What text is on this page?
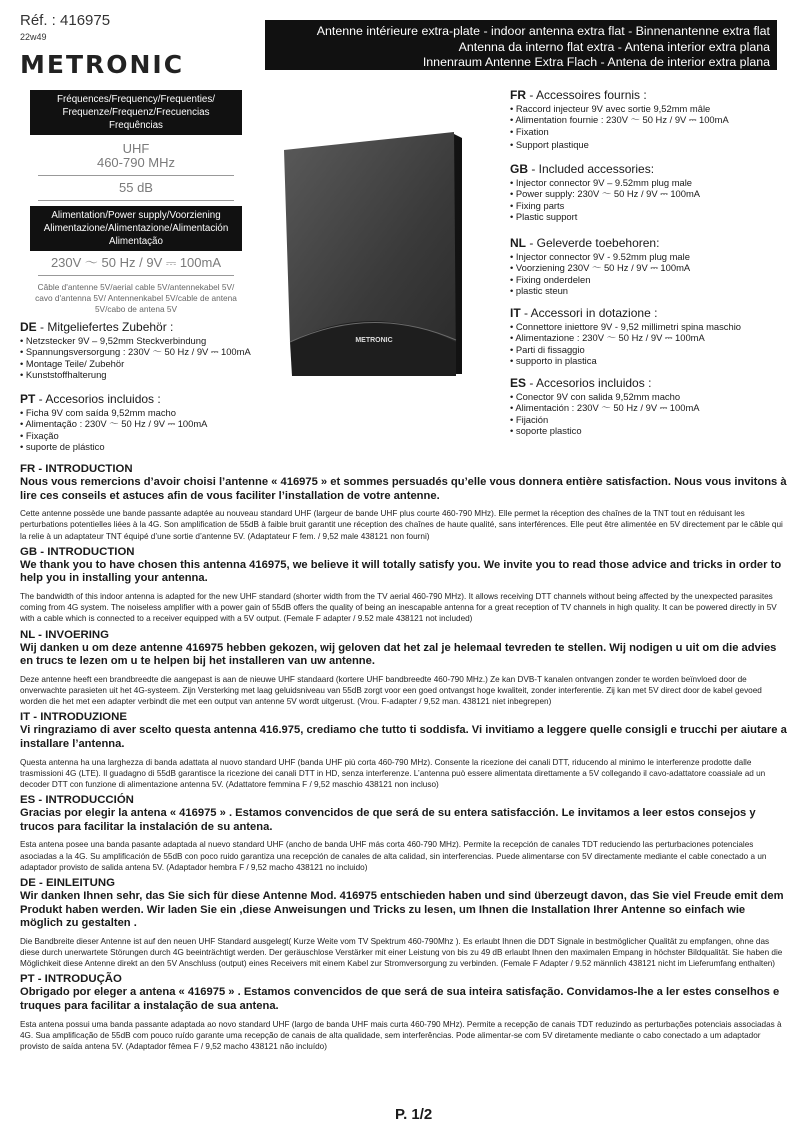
Réf. : 416975
22w49
METRONIC
Antenne intérieure extra-plate - indoor antenna extra flat - Binnenantenne extra flat
Antenna da interno flat extra - Antena interior extra plana
Innenraum Antenne Extra Flach - Antena de interior extra plana
Fréquences/Frequency/Frequenties/
Frequenze/Frequenz/Frecuencias
Frequências
UHF
460-790 MHz
55 dB
Alimentation/Power supply/Voorziening
Alimentazione/Alimentazione/Alimentación
Alimentação
230V ～ 50 Hz / 9V ⎓ 100mA
Câble d'antenne 5V/aerial cable 5V/antennekabel 5V/
cavo d'antenna 5V/ Antennenkabel 5V/cable de antena
5V/cabo de antena 5V
METRONIC
FR - Accessoires fournis :
• Raccord injecteur 9V avec sortie 9,52mm mâle
• Alimentation fournie : 230V ～ 50 Hz / 9V ⎓ 100mA
• Fixation
• Support plastique
GB - Included accessories:
• Injector connector 9V – 9.52mm plug male
• Power supply: 230V ～ 50 Hz / 9V ⎓ 100mA
• Fixing parts
• Plastic support
NL - Geleverde toebehoren:
• Injector connector 9V - 9.52mm plug male
• Voorziening 230V ～ 50 Hz / 9V ⎓ 100mA
• Fixing onderdelen
• plastic steun
IT - Accessori in dotazione :
• Connettore iniettore 9V - 9,52 millimetri spina maschio
• Alimentazione : 230V ～ 50 Hz / 9V ⎓ 100mA
• Parti di fissaggio
• supporto in plastica
ES - Accesorios incluidos :
• Conector 9V con salida 9,52mm macho
• Alimentación : 230V ～ 50 Hz / 9V ⎓ 100mA
• Fijación
• soporte plastico
DE - Mitgeliefertes Zubehör :
• Netzstecker 9V – 9,52mm Steckverbindung
• Spannungsversorgung : 230V ～ 50 Hz / 9V ⎓ 100mA
• Montage Teile/ Zubehör
• Kunststoffhalterung
PT - Accesorios incluidos :
• Ficha 9V com saída 9,52mm macho
• Alimentação : 230V ～ 50 Hz / 9V ⎓ 100mA
• Fixação
• suporte de plástico
FR - INTRODUCTION
Nous vous remercions d’avoir choisi l’antenne « 416975 » et sommes persuadés qu’elle vous donnera entière satisfaction. Nous vous invitons à lire ces conseils et astuces afin de vous faciliter l’installation de votre antenne.
Cette antenne possède une bande passante adaptée au nouveau standard UHF (largeur de bande UHF plus courte 460-790 MHz). Elle permet la réception des chaînes de la TNT tout en réduisant les perturbations potentielles liées à la 4G. Son amplification de 55dB à faible bruit garantit une réception des chaînes de haute qualité, sans interférences. Elle peut être alimentée en 5V directement par le câble qui la relie à un adaptateur TNT équipé d’une sortie d’antenne 5V. (Adaptateur F fem. / 9,52 male 438121 non fourni)
GB - INTRODUCTION
We thank you to have chosen this antenna 416975, we believe it will totally satisfy you. We invite you to read those advice and tricks in order to help you in installing your antenna.
The bandwidth of this indoor antenna is adapted for the new UHF standard (shorter width from the TV aerial 460-790 MHz). It allows receiving DTT channels without being affected by the unexpected parasites coming from 4G system. The noiseless amplifier with a power gain of 55dB offers the quality of being an inescapable antenna for a great reception of TV channels in high quality. It can be powered directly in 5V with a cable which is connected to a receiver equipped with a 5V output. (Female F adapter / 9.52 male 438121 not included)
NL - INVOERING
Wij danken u om deze antenne 416975 hebben gekozen, wij geloven dat het zal je helemaal tevreden te stellen. Wij nodigen u uit om die advies en trucs te lezen om u te helpen bij het installeren van uw antenne.
Deze antenne heeft een brandbreedte die aangepast is aan de nieuwe UHF standaard (kortere UHF bandbreedte 460-790 MHz.) Ze kan DVB-T kanalen ontvangen zonder te worden beïnvloed door de onverwachte parasieten uit het 4G-systeem. Zijn Versterking met laag geluidsniveau van 55dB zorgt voor een goed ontvangst hoge kwaliteit, zonder interferentie. Zij kan met 5V direct door de kabel gevoed worden die het met een adapter verbindt die met een output van antenne 5V wordt uitgerust. (Vrou. F-adapter / 9,52 man. 438121 niet inbegrepen)
IT - INTRODUZIONE
Vi ringraziamo di aver scelto questa antenna 416.975, crediamo che tutto ti soddisfa. Vi invitiamo a leggere quelle consigli e trucchi per aiutare a installare l’antenna.
Questa antenna ha una larghezza di banda adattata al nuovo standard UHF (banda UHF più corta 460-790 MHz). Consente la ricezione dei canali DTT, riducendo al minimo le interferenze prodotte dalle trasmissioni 4G (LTE). Il guadagno di 55dB garantisce la ricezione dei canali DTT in HD, senza interferenze. L’antenna può essere alimentata direttamente a 5V collegando il cavo-adattatore coassiale ad un decoder DTT con funzione di alimentazione antenna 5V. (Adattatore femmina F / 9,52 maschio 438121 non incluso)
ES - INTRODUCCIÓN
Gracias por elegir la antena « 416975 » . Estamos convencidos de que será de su entera satisfacción. Le invitamos a leer estos consejos y trucos para facilitar la instalación de su antena.
Esta antena posee una banda pasante adaptada al nuevo standard UHF (ancho de banda UHF más corta 460-790 MHz). Permite la recepción de canales TDT reduciendo las perturbaciones potenciales asociadas a la 4G. Su amplificación de 55dB con poco ruido garantiza una recepción de canales de alta calidad, sin interferencias. Puede alimentarse con 5V directamente mediante el cable conectado a un adaptador provisto de salida antena 5V. (Adaptador hembra F / 9,52 macho 438121 no incluido)
DE - EINLEITUNG
Wir danken Ihnen sehr, das Sie sich für diese Antenne Mod. 416975 entschieden haben und sind überzeugt davon, das Sie viel Freude emit dem Produkt haben werden. Wir laden Sie ein ,diese Anweisungen und Tricks zu lesen, um Ihnen die Installation Ihrer Antenne so einfach wie möglich zu gestalten .
Die Bandbreite dieser Antenne ist auf den neuen UHF Standard ausgelegt( Kurze Weite vom TV Spektrum 460-790Mhz ). Es erlaubt Ihnen die DDT Signale in bestmöglicher Qualität zu empfangen, ohne das diese durch unerwartete Störungen durch 4G beeinträchtigt werden. Der geräuschlose Verstärker mit einer Leistung von bis zu 49 dB erlaubt Ihnen den maximalen Empang in höchster Bildqualität. Sie haben die Möglichkeit diese Antenne direkt an den 5V Anschluss (output) eines Receivers mit einem Kabel zur Stromversorgung zu verbinden. (Female F Adapter / 9.52 männlich 438121 nicht im Lieferumfang enthalten)
PT - INTRODUÇÃO
Obrigado por eleger a antena « 416975 » . Estamos convencidos de que será de sua inteira satisfação. Convidamos-lhe a ler estes conselhos e truques para facilitar a instalação de sua antena.
Esta antena possui uma banda passante adaptada ao novo standard UHF (largo de banda UHF mais curta 460-790 MHz). Permite a recepção de canais TDT reduzindo as perturbações potenciais associadas à 4G. Sua amplificação de 55dB com pouco ruído garante uma recepção de canais de alta qualidade, sem interferências. Pode alimentar-se com 5V diretamente mediante o cabo conectado a um adaptador provisto de saída antena 5V. (Adaptador fêmea F / 9,52 macho 438121 não incluído)
P. 1/2
